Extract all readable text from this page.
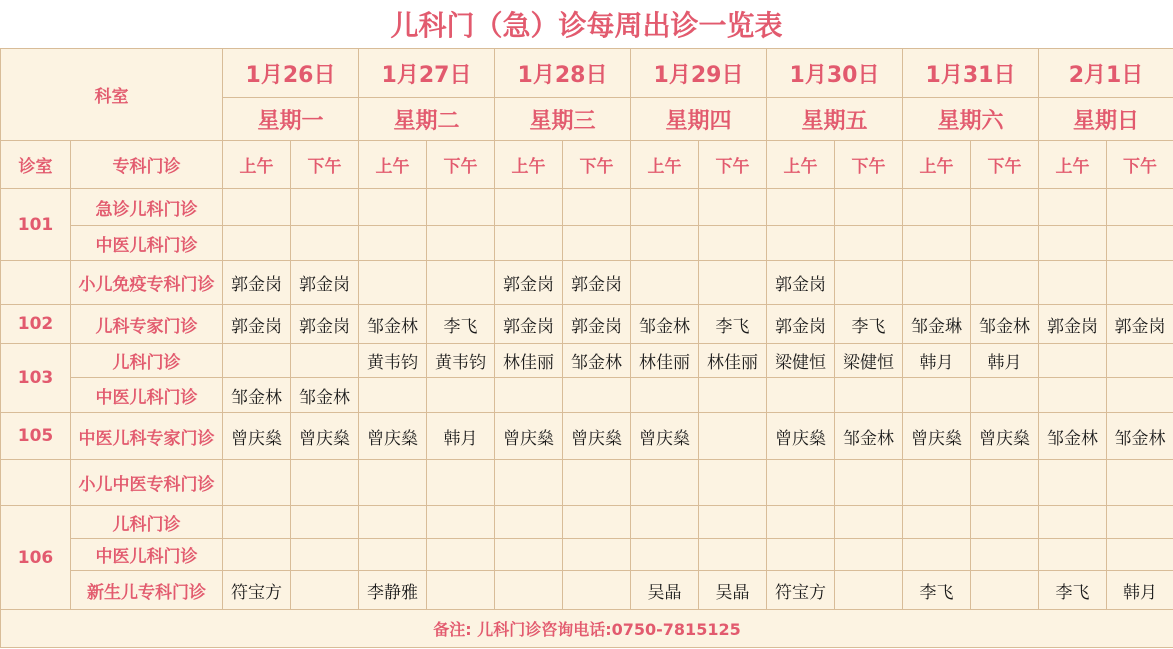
儿科门（急）诊每周出诊一览表
科室		1月26日		1月27日		1月28日		1月29日		1月30日		1月31日		2月1日	
		星期一		星期二		星期三		星期四		星期五		星期六		星期日	
诊室	专科门诊	上午	下午	上午	下午	上午	下午	上午	下午	上午	下午	上午	下午	上午	下午
101	急诊儿科门诊														
	中医儿科门诊														
	小儿免疫专科门诊	郭金岗	郭金岗			郭金岗	郭金岗			郭金岗					
102	儿科专家门诊	郭金岗	郭金岗	邹金林	李飞	郭金岗	郭金岗	邹金林	李飞	郭金岗	李飞	邹金琳	邹金林	郭金岗	郭金岗
103	儿科门诊			黄韦钧	黄韦钧	林佳丽	邹金林	林佳丽	林佳丽	梁健恒	梁健恒	韩月	韩月		
	中医儿科门诊	邹金林	邹金林												
105	中医儿科专家门诊	曾庆燊	曾庆燊	曾庆燊	韩月	曾庆燊	曾庆燊	曾庆燊		曾庆燊	邹金林	曾庆燊	曾庆燊	邹金林	邹金林
	小儿中医专科门诊														
106	儿科门诊														
	中医儿科门诊														
	新生儿专科门诊	符宝方		李静雅				吴晶	吴晶	符宝方		李飞		李飞	韩月
备注: 儿科门诊咨询电话:0750-7815125															
